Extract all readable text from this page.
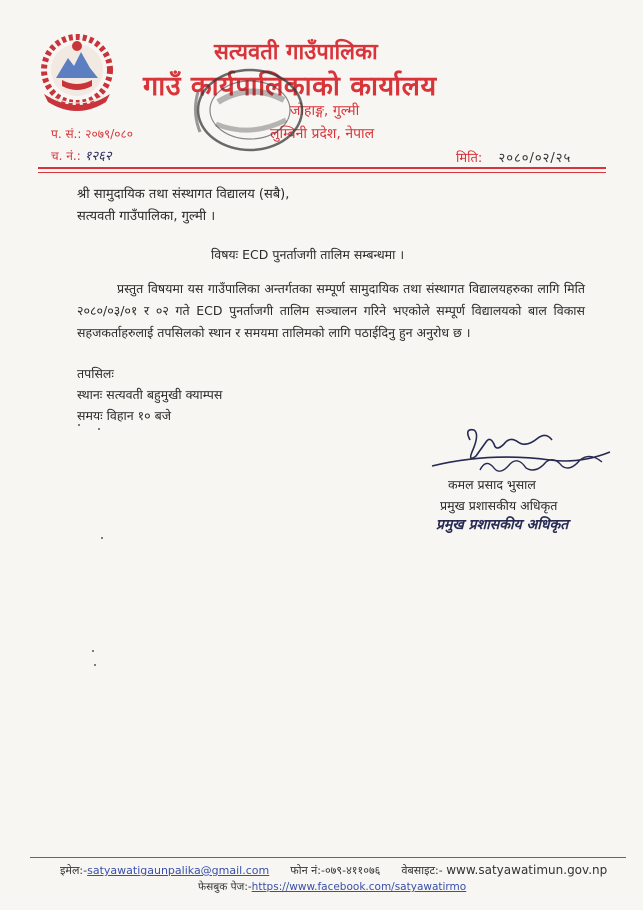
सत्यवती गाउँपालिका
गाउँ कार्यपालिकाको कार्यालय
जोहाङ्ग, गुल्मी
लुम्बिनी प्रदेश, नेपाल
प. सं.: २०७९/०८०
च. नं.: १२६२	मिति: २०८०/०२/२५
श्री सामुदायिक तथा संस्थागत विद्यालय (सबै),
सत्यवती गाउँपालिका, गुल्मी ।
विषयः ECD पुनर्ताजगी तालिम सम्बन्धमा ।
प्रस्तुत विषयमा यस गाउँपालिका अन्तर्गतका सम्पूर्ण सामुदायिक तथा संस्थागत विद्यालयहरुका लागि मिति २०८०/०३/०१ र ०२ गते ECD पुनर्ताजगी तालिम सञ्चालन गरिने भएकोले सम्पूर्ण विद्यालयको बाल विकास सहजकर्ताहरुलाई तपसिलको स्थान र समयमा तालिमको लागि पठाईदिनु हुन अनुरोध छ ।
तपसिलः
स्थानः सत्यवती बहुमुखी क्याम्पस
समयः विहान १० बजे
कमल प्रसाद भुसाल
प्रमुख प्रशासकीय अधिकृत
प्रमुख प्रशासकीय अधिकृत
इमेल:-satyawatigaunpalika@gmail.com फोन नं:-०७९-४११०७६ वेबसाइट:- www.satyawatimun.gov.np
फेसबुक पेज:-https://www.facebook.com/satyawatirmo
